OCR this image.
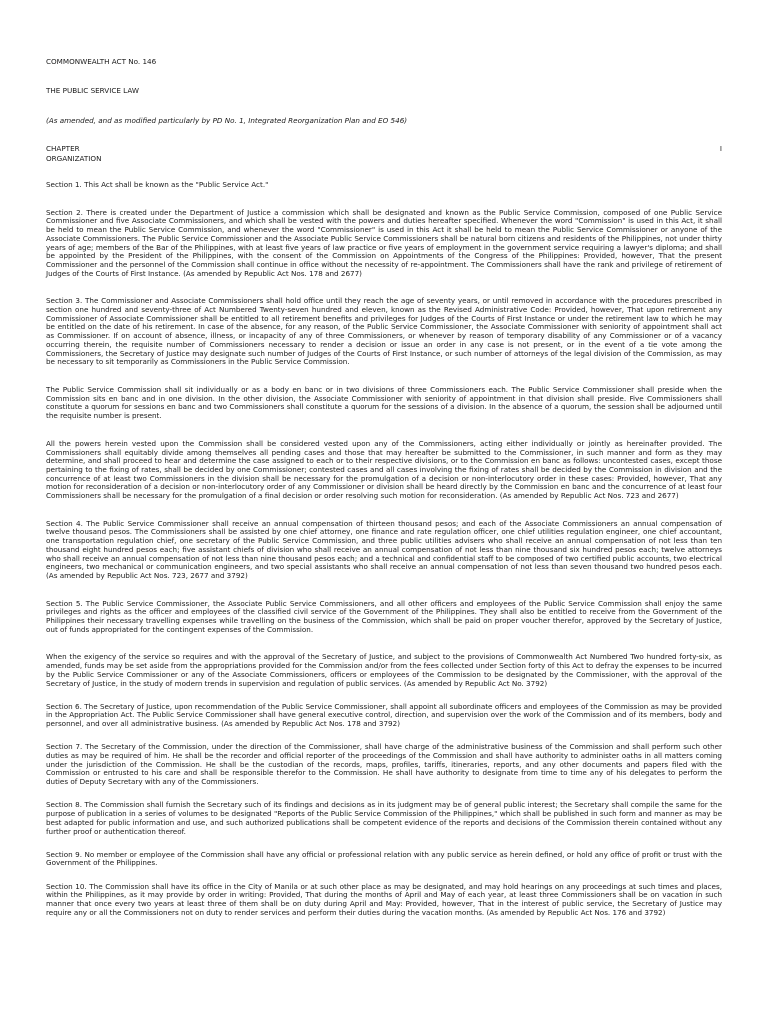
COMMONWEALTH ACT No. 146

THE PUBLIC SERVICE LAW

(As amended, and as modified particularly by PD No. 1, Integrated Reorganization Plan and EO 546)

CHAPTER	I

ORGANIZATION

Section 1. This Act shall be known as the "Public Service Act."

Section 2. There is created under the Department of Justice a commission which shall be designated and known as the Public Service Commission, composed of one Public Service Commissioner and five Associate Commissioners, and which shall be vested with the powers and duties hereafter specified. Whenever the word "Commission" is used in this Act, it shall be held to mean the Public Service Commission, and whenever the word "Commissioner" is used in this Act it shall be held to mean the Public Service Commissioner or anyone of the Associate Commissioners. The Public Service Commissioner and the Associate Public Service Commissioners shall be natural born citizens and residents of the Philippines, not under thirty years of age; members of the Bar of the Philippines, with at least five years of law practice or five years of employment in the government service requiring a lawyer's diploma; and shall be appointed by the President of the Philippines, with the consent of the Commission on Appointments of the Congress of the Philippines: Provided, however, That the present Commissioner and the personnel of the Commission shall continue in office without the necessity of re-appointment. The Commissioners shall have the rank and privilege of retirement of Judges of the Courts of First Instance. (As amended by Republic Act Nos. 178 and 2677)

Section 3. The Commissioner and Associate Commissioners shall hold office until they reach the age of seventy years, or until removed in accordance with the procedures prescribed in section one hundred and seventy-three of Act Numbered Twenty-seven hundred and eleven, known as the Revised Administrative Code: Provided, however, That upon retirement any Commissioner of Associate Commissioner shall be entitled to all retirement benefits and privileges for Judges of the Courts of First Instance or under the retirement law to which he may be entitled on the date of his retirement. In case of the absence, for any reason, of the Public Service Commissioner, the Associate Commissioner with seniority of appointment shall act as Commissioner. If on account of absence, illness, or incapacity of any of three Commissioners, or whenever by reason of temporary disability of any Commissioner or of a vacancy occurring therein, the requisite number of Commissioners necessary to render a decision or issue an order in any case is not present, or in the event of a tie vote among the Commissioners, the Secretary of Justice may designate such number of Judges of the Courts of First Instance, or such number of attorneys of the legal division of the Commission, as may be necessary to sit temporarily as Commissioners in the Public Service Commission.

The Public Service Commission shall sit individually or as a body en banc or in two divisions of three Commissioners each. The Public Service Commissioner shall preside when the Commission sits en banc and in one division. In the other division, the Associate Commissioner with seniority of appointment in that division shall preside. Five Commissioners shall constitute a quorum for sessions en banc and two Commissioners shall constitute a quorum for the sessions of a division. In the absence of a quorum, the session shall be adjourned until the requisite number is present.

All the powers herein vested upon the Commission shall be considered vested upon any of the Commissioners, acting either individually or jointly as hereinafter provided. The Commissioners shall equitably divide among themselves all pending cases and those that may hereafter be submitted to the Commissioner, in such manner and form as they may determine, and shall proceed to hear and determine the case assigned to each or to their respective divisions, or to the Commission en banc as follows: uncontested cases, except those pertaining to the fixing of rates, shall be decided by one Commissioner; contested cases and all cases involving the fixing of rates shall be decided by the Commission in division and the concurrence of at least two Commissioners in the division shall be necessary for the promulgation of a decision or non-interlocutory order in these cases: Provided, however, That any motion for reconsideration of a decision or non-interlocutory order of any Commissioner or division shall be heard directly by the Commission en banc and the concurrence of at least four Commissioners shall be necessary for the promulgation of a final decision or order resolving such motion for reconsideration. (As amended by Republic Act Nos. 723 and 2677)

Section 4. The Public Service Commissioner shall receive an annual compensation of thirteen thousand pesos; and each of the Associate Commissioners an annual compensation of twelve thousand pesos. The Commissioners shall be assisted by one chief attorney, one finance and rate regulation officer, one chief utilities regulation engineer, one chief accountant, one transportation regulation chief, one secretary of the Public Service Commission, and three public utilities advisers who shall receive an annual compensation of not less than ten thousand eight hundred pesos each; five assistant chiefs of division who shall receive an annual compensation of not less than nine thousand six hundred pesos each; twelve attorneys who shall receive an annual compensation of not less than nine thousand pesos each; and a technical and confidential staff to be composed of two certified public accounts, two electrical engineers, two mechanical or communication engineers, and two special assistants who shall receive an annual compensation of not less than seven thousand two hundred pesos each. (As amended by Republic Act Nos. 723, 2677 and 3792)

Section 5. The Public Service Commissioner, the Associate Public Service Commissioners, and all other officers and employees of the Public Service Commission shall enjoy the same privileges and rights as the officer and employees of the classified civil service of the Government of the Philippines. They shall also be entitled to receive from the Government of the Philippines their necessary travelling expenses while travelling on the business of the Commission, which shall be paid on proper voucher therefor, approved by the Secretary of Justice, out of funds appropriated for the contingent expenses of the Commission.

When the exigency of the service so requires and with the approval of the Secretary of Justice, and subject to the provisions of Commonwealth Act Numbered Two hundred forty-six, as amended, funds may be set aside from the appropriations provided for the Commission and/or from the fees collected under Section forty of this Act to defray the expenses to be incurred by the Public Service Commissioner or any of the Associate Commissioners, officers or employees of the Commission to be designated by the Commissioner, with the approval of the Secretary of Justice, in the study of modern trends in supervision and regulation of public services. (As amended by Republic Act No. 3792)

Section 6. The Secretary of Justice, upon recommendation of the Public Service Commissioner, shall appoint all subordinate officers and employees of the Commission as may be provided in the Appropriation Act. The Public Service Commissioner shall have general executive control, direction, and supervision over the work of the Commission and of its members, body and personnel, and over all administrative business. (As amended by Republic Act Nos. 178 and 3792)

Section 7. The Secretary of the Commission, under the direction of the Commissioner, shall have charge of the administrative business of the Commission and shall perform such other duties as may be required of him. He shall be the recorder and official reporter of the proceedings of the Commission and shall have authority to administer oaths in all matters coming under the jurisdiction of the Commission. He shall be the custodian of the records, maps, profiles, tariffs, itineraries, reports, and any other documents and papers filed with the Commission or entrusted to his care and shall be responsible therefor to the Commission. He shall have authority to designate from time to time any of his delegates to perform the duties of Deputy Secretary with any of the Commissioners.

Section 8. The Commission shall furnish the Secretary such of its findings and decisions as in its judgment may be of general public interest; the Secretary shall compile the same for the purpose of publication in a series of volumes to be designated "Reports of the Public Service Commission of the Philippines," which shall be published in such form and manner as may be best adapted for public information and use, and such authorized publications shall be competent evidence of the reports and decisions of the Commission therein contained without any further proof or authentication thereof.

Section 9. No member or employee of the Commission shall have any official or professional relation with any public service as herein defined, or hold any office of profit or trust with the Government of the Philippines.

Section 10. The Commission shall have its office in the City of Manila or at such other place as may be designated, and may hold hearings on any proceedings at such times and places, within the Philippines, as it may provide by order in writing: Provided, That during the months of April and May of each year, at least three Commissioners shall be on vacation in such manner that once every two years at least three of them shall be on duty during April and May: Provided, however, That in the interest of public service, the Secretary of Justice may require any or all the Commissioners not on duty to render services and perform their duties during the vacation months. (As amended by Republic Act Nos. 176 and 3792)
